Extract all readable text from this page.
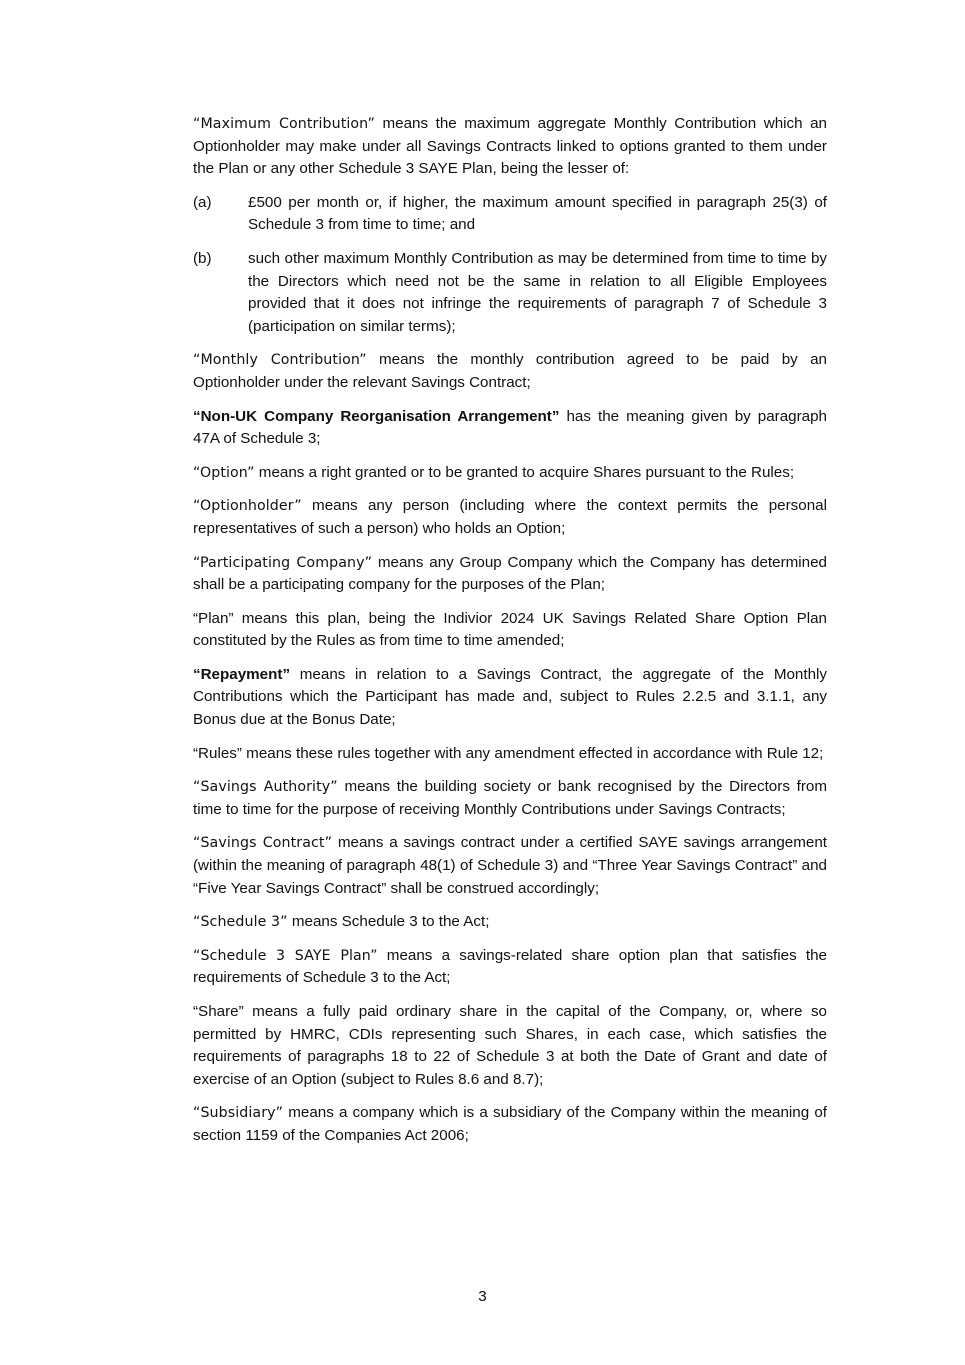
“Maximum Contribution” means the maximum aggregate Monthly Contribution which an Optionholder may make under all Savings Contracts linked to options granted to them under the Plan or any other Schedule 3 SAYE Plan, being the lesser of:

(a)	£500 per month or, if higher, the maximum amount specified in paragraph 25(3) of Schedule 3 from time to time; and
(b)	such other maximum Monthly Contribution as may be determined from time to time by the Directors which need not be the same in relation to all Eligible Employees provided that it does not infringe the requirements of paragraph 7 of Schedule 3 (participation on similar terms);

“Monthly Contribution” means the monthly contribution agreed to be paid by an Optionholder under the relevant Savings Contract;

“Non-UK Company Reorganisation Arrangement” has the meaning given by paragraph 47A of Schedule 3;

“Option” means a right granted or to be granted to acquire Shares pursuant to the Rules;

“Optionholder” means any person (including where the context permits the personal representatives of such a person) who holds an Option;

“Participating Company” means any Group Company which the Company has determined shall be a participating company for the purposes of the Plan;

“Plan” means this plan, being the Indivior 2024 UK Savings Related Share Option Plan constituted by the Rules as from time to time amended;

“Repayment” means in relation to a Savings Contract, the aggregate of the Monthly Contributions which the Participant has made and, subject to Rules 2.2.5 and 3.1.1, any Bonus due at the Bonus Date;

“Rules” means these rules together with any amendment effected in accordance with Rule 12;

“Savings Authority” means the building society or bank recognised by the Directors from time to time for the purpose of receiving Monthly Contributions under Savings Contracts;

“Savings Contract” means a savings contract under a certified SAYE savings arrangement (within the meaning of paragraph 48(1) of Schedule 3) and “Three Year Savings Contract” and “Five Year Savings Contract” shall be construed accordingly;

“Schedule 3” means Schedule 3 to the Act;

“Schedule 3 SAYE Plan” means a savings-related share option plan that satisfies the requirements of Schedule 3 to the Act;

“Share” means a fully paid ordinary share in the capital of the Company, or, where so permitted by HMRC, CDIs representing such Shares, in each case, which satisfies the requirements of paragraphs 18 to 22 of Schedule 3 at both the Date of Grant and date of exercise of an Option (subject to Rules 8.6 and 8.7);

“Subsidiary” means a company which is a subsidiary of the Company within the meaning of section 1159 of the Companies Act 2006;

3
